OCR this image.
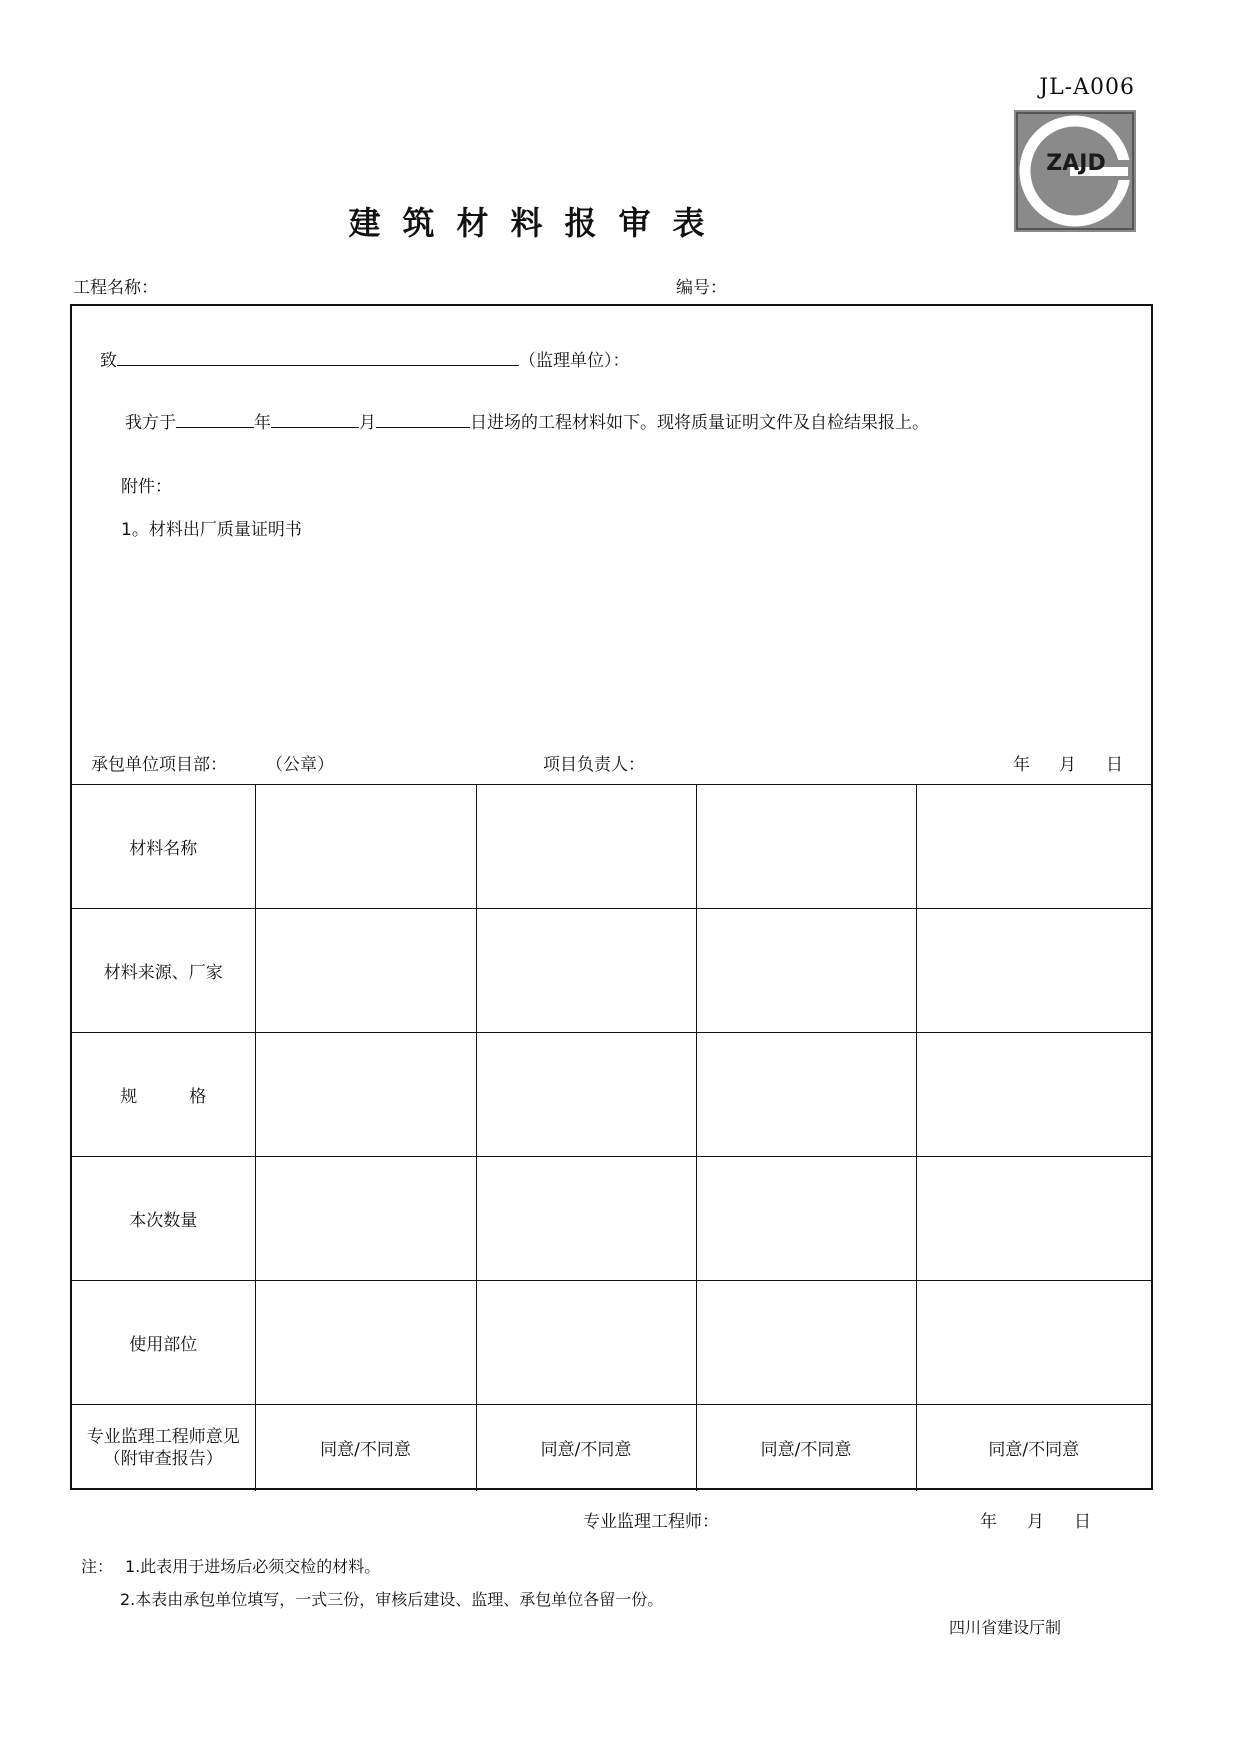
JL-A006
ZAJD
建筑材料报审表
工程名称：	编号：
致	（监理单位）：
我方于	年	月	日进场的工程材料如下。现将质量证明文件及自检结果报上。
附件：
1。材料出厂质量证明书
承包单位项目部： （公章）	项目负责人：	年 月 日
材料名称				
材料来源、厂家				
规 格				
本次数量				
使用部位				

专业监理工程师意见
（附审查报告）	同意/不同意	同意/不同意	同意/不同意	同意/不同意
专业监理工程师：	年 月 日
注： 1.此表用于进场后必须交检的材料。
2.本表由承包单位填写，一式三份，审核后建设、监理、承包单位各留一份。
四川省建设厅制
